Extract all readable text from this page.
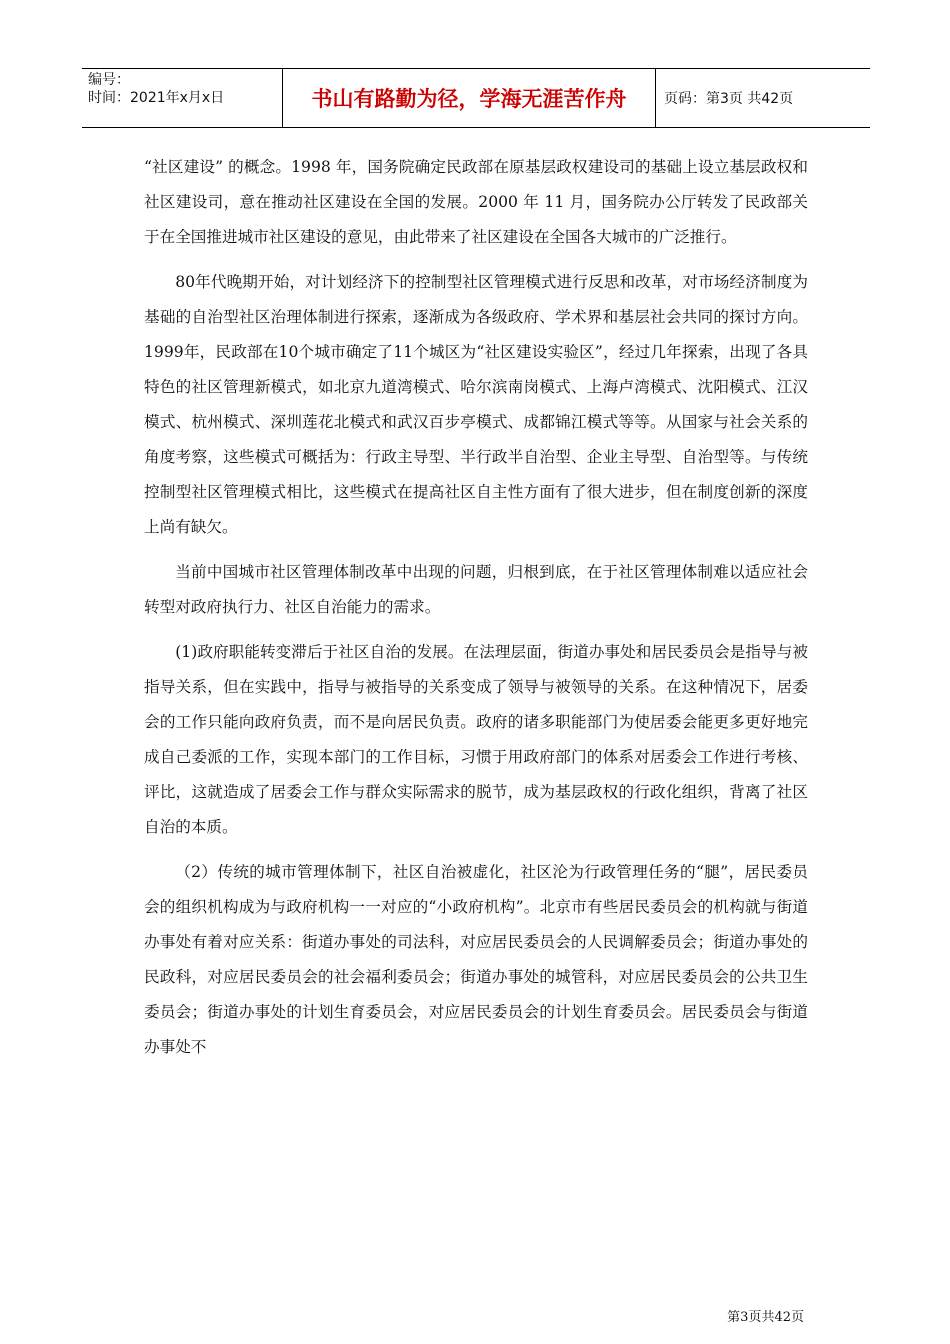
编号：
时间：2021年x月x日	书山有路勤为径，学海无涯苦作舟	页码：第3页 共42页

“社区建设” 的概念。1998 年，国务院确定民政部在原基层政权建设司的基础上设立基层政权和社区建设司，意在推动社区建设在全国的发展。2000 年 11 月，国务院办公厅转发了民政部关于在全国推进城市社区建设的意见，由此带来了社区建设在全国各大城市的广泛推行。

80年代晚期开始，对计划经济下的控制型社区管理模式进行反思和改革，对市场经济制度为基础的自治型社区治理体制进行探索，逐渐成为各级政府、学术界和基层社会共同的探讨方向。1999年，民政部在10个城市确定了11个城区为“社区建设实验区”，经过几年探索，出现了各具特色的社区管理新模式，如北京九道湾模式、哈尔滨南岗模式、上海卢湾模式、沈阳模式、江汉模式、杭州模式、深圳莲花北模式和武汉百步亭模式、成都锦江模式等等。从国家与社会关系的角度考察，这些模式可概括为：行政主导型、半行政半自治型、企业主导型、自治型等。与传统控制型社区管理模式相比，这些模式在提高社区自主性方面有了很大进步，但在制度创新的深度上尚有缺欠。

当前中国城市社区管理体制改革中出现的问题，归根到底，在于社区管理体制难以适应社会转型对政府执行力、社区自治能力的需求。

(1)政府职能转变滞后于社区自治的发展。在法理层面，街道办事处和居民委员会是指导与被指导关系，但在实践中，指导与被指导的关系变成了领导与被领导的关系。在这种情况下，居委会的工作只能向政府负责，而不是向居民负责。政府的诸多职能部门为使居委会能更多更好地完成自己委派的工作，实现本部门的工作目标，习惯于用政府部门的体系对居委会工作进行考核、评比，这就造成了居委会工作与群众实际需求的脱节，成为基层政权的行政化组织，背离了社区自治的本质。

（2）传统的城市管理体制下，社区自治被虚化，社区沦为行政管理任务的“腿”，居民委员会的组织机构成为与政府机构一一对应的“小政府机构”。北京市有些居民委员会的机构就与街道办事处有着对应关系：街道办事处的司法科，对应居民委员会的人民调解委员会；街道办事处的民政科，对应居民委员会的社会福利委员会；街道办事处的城管科，对应居民委员会的公共卫生委员会；街道办事处的计划生育委员会，对应居民委员会的计划生育委员会。居民委员会与街道办事处不

第3页共42页
